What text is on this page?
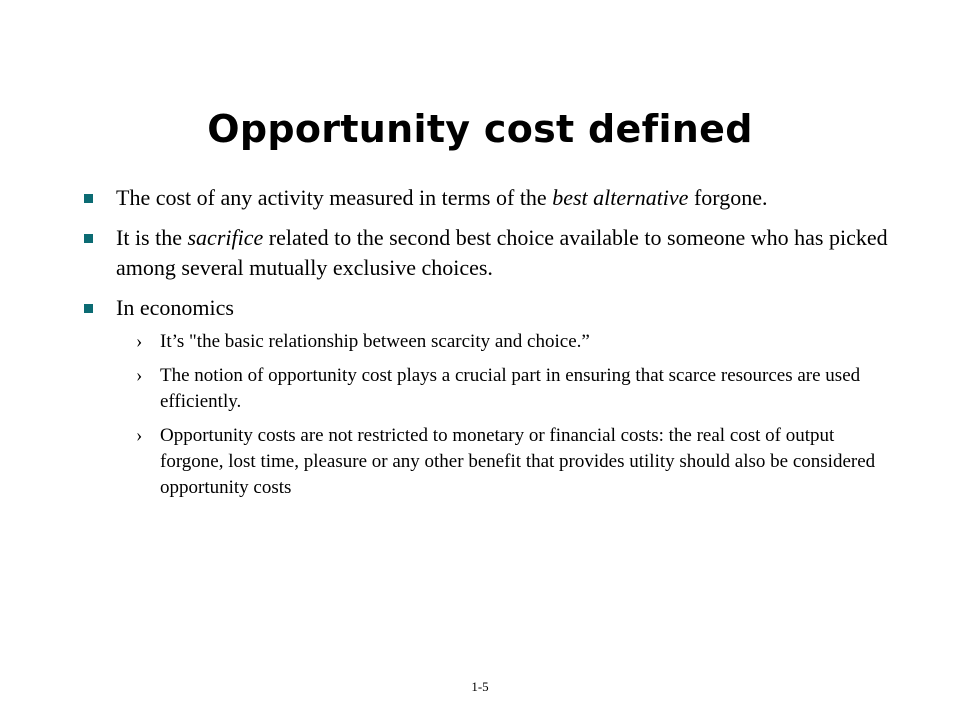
Opportunity cost defined
The cost of any activity measured in terms of the best alternative forgone.
It is the sacrifice related to the second best choice available to someone who has picked among several mutually exclusive choices.
In economics
› It’s "the basic relationship between scarcity and choice.”
› The notion of opportunity cost plays a crucial part in ensuring that scarce resources are used efficiently.
› Opportunity costs are not restricted to monetary or financial costs: the real cost of output forgone, lost time, pleasure or any other benefit that provides utility should also be considered opportunity costs
1-5
